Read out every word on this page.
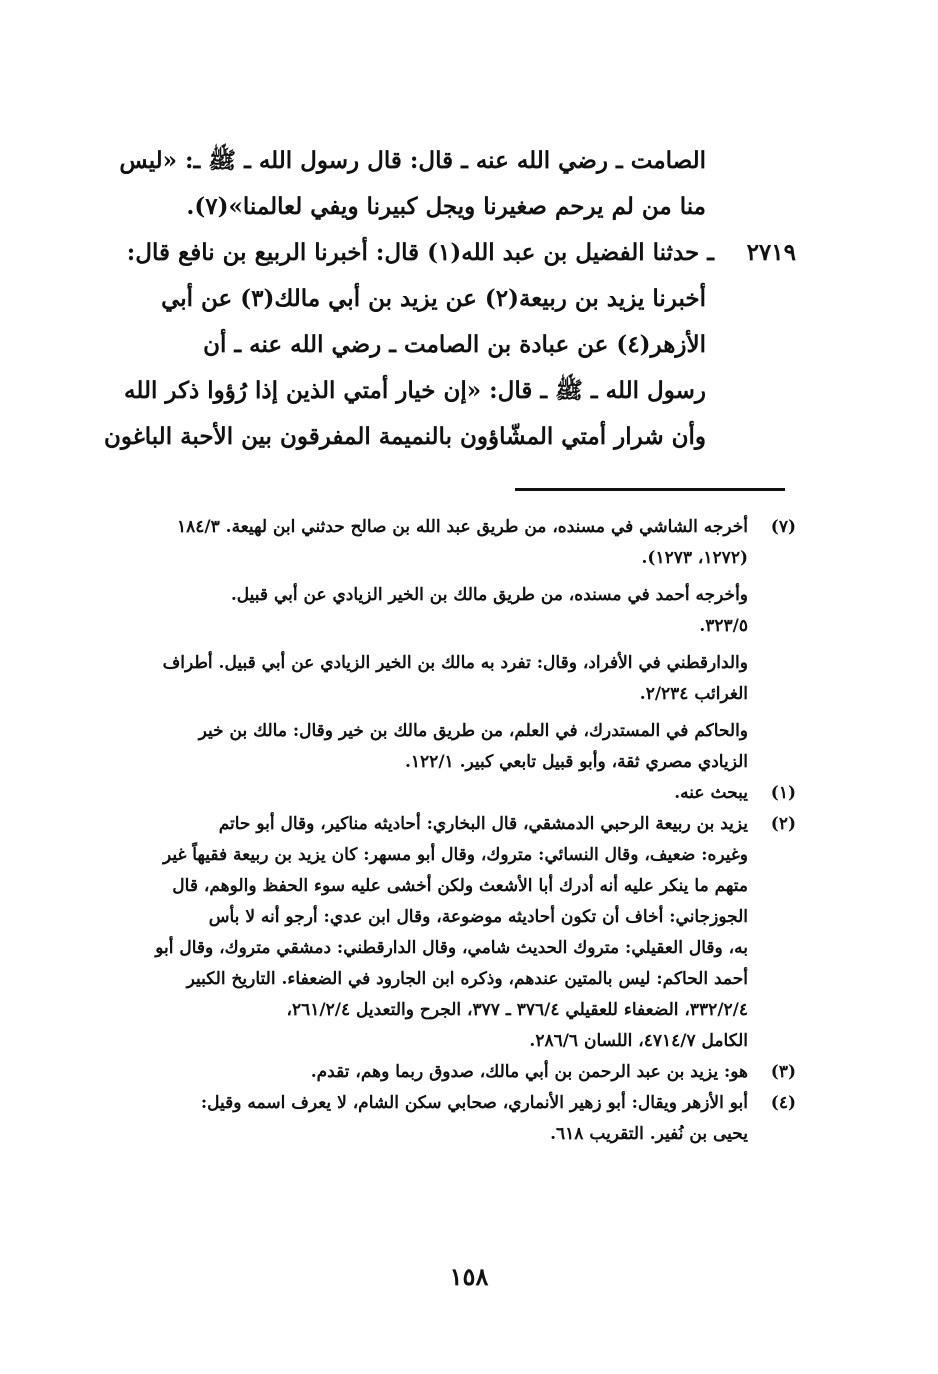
الصامت ـ رضي الله عنه ـ قال: قال رسول الله ـ ﷺ ـ: «ليس
منا من لم يرحم صغيرنا ويجل كبيرنا ويفي لعالمنا»(٧).
٢٧١٩
ـ حدثنا الفضيل بن عبد الله(١) قال: أخبرنا الربيع بن نافع قال:
أخبرنا يزيد بن ربيعة(٢) عن يزيد بن أبي مالك(٣) عن أبي
الأزهر(٤) عن عبادة بن الصامت ـ رضي الله عنه ـ أن
رسول الله ـ ﷺ ـ قال: «إن خيار أمتي الذين إذا رُؤوا ذكر الله
وأن شرار أمتي المشّاؤون بالنميمة المفرقون بين الأحبة الباغون
(٧)
أخرجه الشاشي في مسنده، من طريق عبد الله بن صالح حدثني ابن لهيعة. ١٨٤/٣
(١٢٧٢، ١٢٧٣).
وأخرجه أحمد في مسنده، من طريق مالك بن الخير الزيادي عن أبي قبيل.
٣٢٣/٥.
والدارقطني في الأفراد، وقال: تفرد به مالك بن الخير الزيادي عن أبي قبيل. أطراف
الغرائب ٢/٢٣٤.
والحاكم في المستدرك، في العلم، من طريق مالك بن خير وقال: مالك بن خير
الزيادي مصري ثقة، وأبو قبيل تابعي كبير. ١٢٢/١.
(١)
يبحث عنه.
(٢)
يزيد بن ربيعة الرحبي الدمشقي، قال البخاري: أحاديثه مناكير، وقال أبو حاتم
وغيره: ضعيف، وقال النسائي: متروك، وقال أبو مسهر: كان يزيد بن ربيعة فقيهاً غير
متهم ما ينكر عليه أنه أدرك أبا الأشعث ولكن أخشى عليه سوء الحفظ والوهم، قال
الجوزجاني: أخاف أن تكون أحاديثه موضوعة، وقال ابن عدي: أرجو أنه لا بأس
به، وقال العقيلي: متروك الحديث شامي، وقال الدارقطني: دمشقي متروك، وقال أبو
أحمد الحاكم: ليس بالمتين عندهم، وذكره ابن الجارود في الضعفاء. التاريخ الكبير
٣٣٢/٢/٤، الضعفاء للعقيلي ٣٧٦/٤ ـ ٣٧٧، الجرح والتعديل ٢٦١/٢/٤،
الكامل ٤٧١٤/٧، اللسان ٢٨٦/٦.
(٣)
هو: يزيد بن عبد الرحمن بن أبي مالك، صدوق ربما وهم، تقدم.
(٤)
أبو الأزهر ويقال: أبو زهير الأنماري، صحابي سكن الشام، لا يعرف اسمه وقيل:
يحيى بن نُفير. التقريب ٦١٨.
١٥٨
